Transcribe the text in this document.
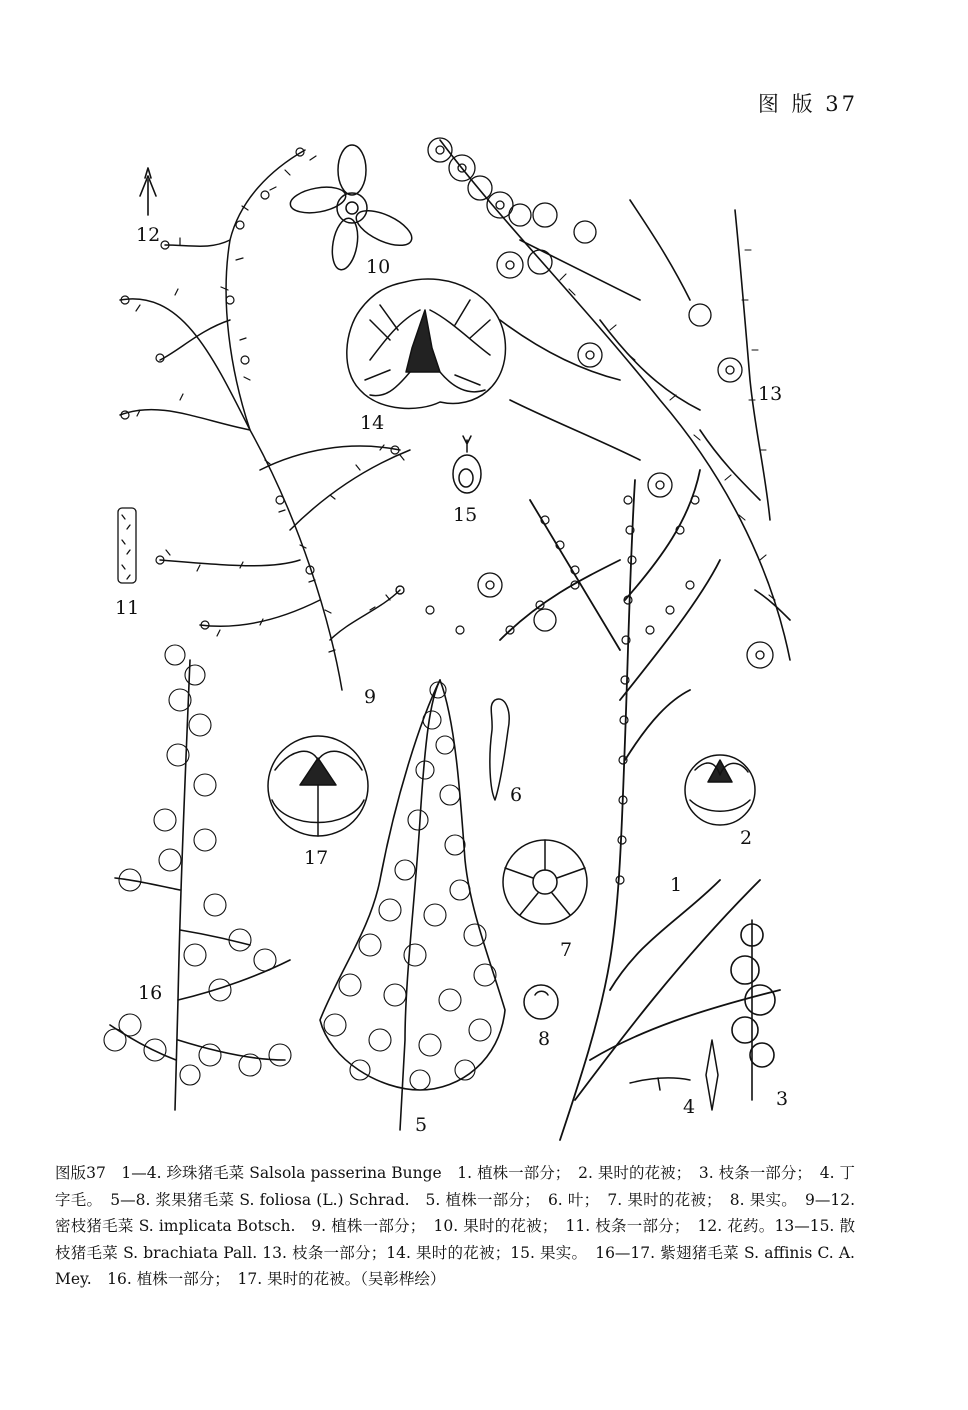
图 版 37
12
10
14
15
13
11
9
6
2
17
1
7
16
8
4	3
5

图版37　1—4. 珍珠猪毛菜 Salsola passerina Bunge　1. 植株一部分；　2. 果时的花被；　3. 枝条一部分；　4. 丁字毛。　5—8. 浆果猪毛菜 S. foliosa (L.) Schrad.　5. 植株一部分；　6. 叶；　7. 果时的花被；　8. 果实。　9—12. 密枝猪毛菜 S. implicata Botsch.　9. 植株一部分；　10. 果时的花被；　11. 枝条一部分；　12. 花药。13—15. 散枝猪毛菜 S. brachiata Pall. 13. 枝条一部分；14. 果时的花被；15. 果实。　16—17. 紫翅猪毛菜 S. affinis C. A. Mey.　16. 植株一部分；　17. 果时的花被。（吴彰桦绘）
